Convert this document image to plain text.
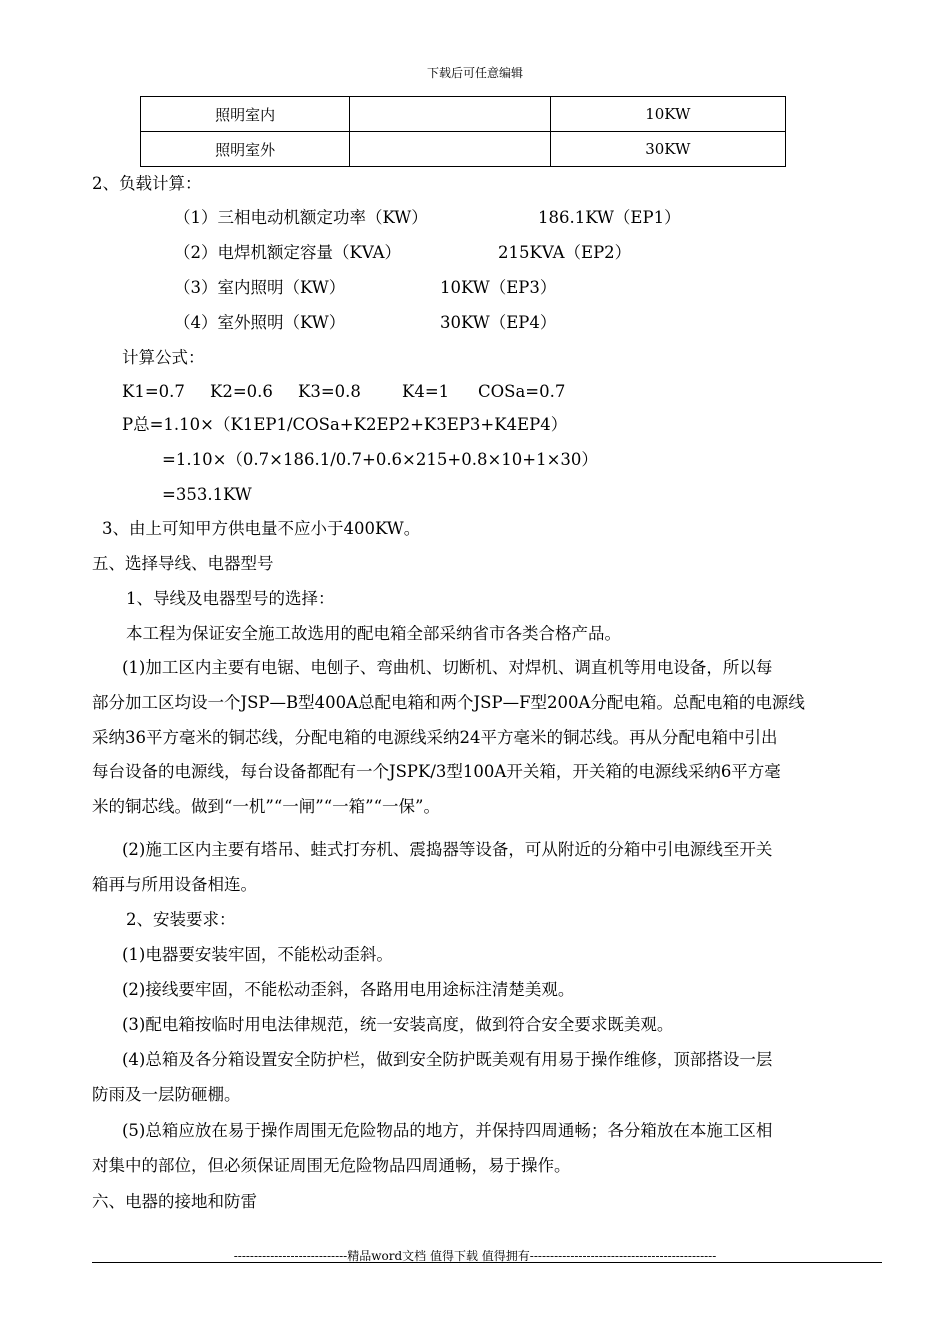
下载后可任意编辑
照明室内		10KW
照明室外		30KW
2、负载计算：
（1）三相电动机额定功率（KW）	186.1KW（EP1）
（2）电焊机额定容量（KVA）	215KVA（EP2）
（3）室内照明（KW）	10KW（EP3）
（4）室外照明（KW）	30KW（EP4）
计算公式：
K1=0.7 K2=0.6 K3=0.8 K4=1 COSa=0.7
P总=1.10×（K1EP1/COSa+K2EP2+K3EP3+K4EP4）
=1.10×（0.7×186.1/0.7+0.6×215+0.8×10+1×30）
=353.1KW
3、由上可知甲方供电量不应小于400KW。
五、选择导线、电器型号
1、导线及电器型号的选择：
本工程为保证安全施工故选用的配电箱全部采纳省市各类合格产品。
(1)加工区内主要有电锯、电刨子、弯曲机、切断机、对焊机、调直机等用电设备，所以每
部分加工区均设一个JSP—B型400A总配电箱和两个JSP—F型200A分配电箱。总配电箱的电源线
采纳36平方毫米的铜芯线，分配电箱的电源线采纳24平方毫米的铜芯线。再从分配电箱中引出
每台设备的电源线，每台设备都配有一个JSPK/3型100A开关箱，开关箱的电源线采纳6平方毫
米的铜芯线。做到“一机”“一闸”“一箱”“一保”。
(2)施工区内主要有塔吊、蛙式打夯机、震捣器等设备，可从附近的分箱中引电源线至开关
箱再与所用设备相连。
2、安装要求：
(1)电器要安装牢固，不能松动歪斜。
(2)接线要牢固，不能松动歪斜，各路用电用途标注清楚美观。
(3)配电箱按临时用电法律规范，统一安装高度，做到符合安全要求既美观。
(4)总箱及各分箱设置安全防护栏，做到安全防护既美观有用易于操作维修，顶部搭设一层
防雨及一层防砸棚。
(5)总箱应放在易于操作周围无危险物品的地方，并保持四周通畅；各分箱放在本施工区相
对集中的部位，但必须保证周围无危险物品四周通畅，易于操作。
六、电器的接地和防雷
----------------------------精品word文档 值得下载 值得拥有----------------------------------------------
